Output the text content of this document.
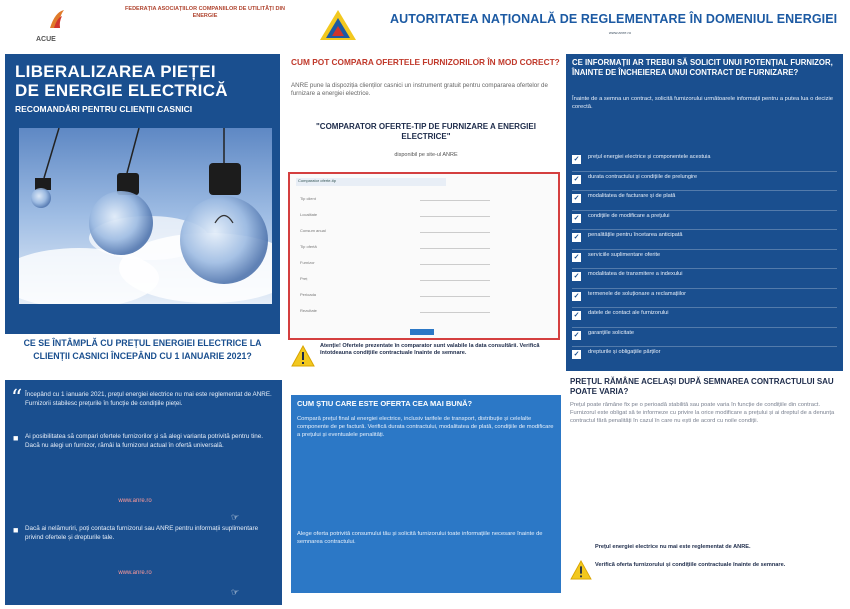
ACUE
FEDERAȚIA ASOCIAȚIILOR COMPANIILOR DE UTILITĂȚI DIN ENERGIE	AUTORITATEA NAȚIONALĂ DE REGLEMENTARE ÎN DOMENIUL ENERGIEI
www.anre.ro
LIBERALIZAREA PIEȚEI
DE ENERGIE ELECTRICĂ
RECOMANDĂRI PENTRU CLIENȚII CASNICI
CE SE ÎNTÂMPLĂ CU PREȚUL ENERGIEI ELECTRICE LA CLIENȚII CASNICI ÎNCEPÂND CU 1 IANUARIE 2021?
“ Începând cu 1 ianuarie 2021, prețul energiei electrice nu mai este reglementat de ANRE. Furnizorii stabilesc prețurile în funcție de condițiile pieței.
■ Ai posibilitatea să compari ofertele furnizorilor și să alegi varianta potrivită pentru tine. Dacă nu alegi un furnizor, rămâi la furnizorul actual în ofertă universală.
www.anre.ro
☞
■ Dacă ai nelămuriri, poți contacta furnizorul sau ANRE pentru informații suplimentare privind ofertele și drepturile tale.
www.anre.ro
☞
CUM POT COMPARA OFERTELE FURNIZORILOR ÎN MOD CORECT?
ANRE pune la dispoziția clienților casnici un instrument gratuit pentru compararea ofertelor de furnizare a energiei electrice.
"COMPARATOR OFERTE-TIP DE FURNIZARE A ENERGIEI ELECTRICE"
disponibil pe site-ul ANRE
Comparator oferte-tip
Tip client
Localitate
Consum anual
Tip ofertă
Furnizor
Preț
Perioada
Rezultate
Atenție! Ofertele prezentate în comparator sunt valabile la data consultării. Verifică întotdeauna condițiile contractuale înainte de semnare.
CUM ȘTIU CARE ESTE OFERTA CEA MAI BUNĂ?
Compară prețul final al energiei electrice, inclusiv tarifele de transport, distribuție și celelalte componente de pe factură. Verifică durata contractului, modalitatea de plată, condițiile de modificare a prețului și eventualele penalități.
Alege oferta potrivită consumului tău și solicită furnizorului toate informațiile necesare înainte de semnarea contractului.
CE INFORMAȚII AR TREBUI SĂ SOLICIT UNUI POTENȚIAL FURNIZOR, ÎNAINTE DE ÎNCHEIEREA UNUI CONTRACT DE FURNIZARE?
Înainte de a semna un contract, solicită furnizorului următoarele informații pentru a putea lua o decizie corectă.
✓ prețul energiei electrice și componentele acestuia
✓ durata contractului și condițiile de prelungire
✓ modalitatea de facturare și de plată
✓ condițiile de modificare a prețului
✓ penalitățile pentru încetarea anticipată
✓ serviciile suplimentare oferite
✓ modalitatea de transmitere a indexului
✓ termenele de soluționare a reclamațiilor
✓ datele de contact ale furnizorului
✓ garanțiile solicitate
✓ drepturile și obligațiile părților
PREȚUL RĂMÂNE ACELAȘI DUPĂ SEMNAREA CONTRACTULUI SAU POATE VARIA?
Prețul poate rămâne fix pe o perioadă stabilită sau poate varia în funcție de condițiile din contract. Furnizorul este obligat să te informeze cu privire la orice modificare a prețului și ai dreptul de a denunța contractul fără penalități în cazul în care nu ești de acord cu noile condiții.
Prețul energiei electrice nu mai este reglementat de ANRE.
Verifică oferta furnizorului și condițiile contractuale înainte de semnare.
